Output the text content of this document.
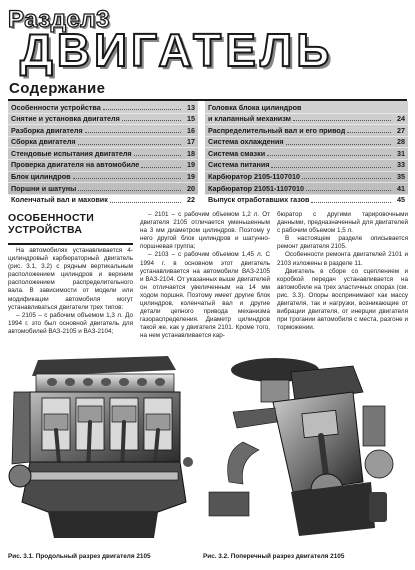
Раздел3
ДВИГАТЕЛЬ
Содержание
Особенности устройства	13
Снятие и установка двигателя	15
Разборка двигателя	16
Сборка двигателя	17
Стендовые испытания двигателя	18
Проверка двигателя на автомобиле	19
Блок цилиндров	19
Поршни и шатуны	20
Коленчатый вал и маховик	22
Головка блока цилиндров
и клапанный механизм	24
Распределительный вал и его привод	27
Система охлаждения	28
Система смазки	31
Система питания	33
Карбюратор 2105-1107010	35
Карбюратор 21051-1107010	41
Выпуск отработавших газов	45
ОСОБЕННОСТИ УСТРОЙСТВА

На автомобилях устанавливается 4-цилиндровый карбюраторный двигатель (рис. 3.1, 3.2) с рядным вертикальным расположением цилиндров и верхним расположением распределительного вала. В зависимости от модели или модификации автомобиля могут устанавливаться двигатели трех типов:

– 2105 – с рабочим объемом 1,3 л. До 1994 г. это был основной двигатель для автомобилей ВАЗ-2105 и ВАЗ-2104;

– 2101 – с рабочим объемом 1,2 л. От двигателя 2105 отличается уменьшенным на 3 мм диаметром цилиндров. Поэтому у него другой блок цилиндров и шатунно-поршневая группа;

– 2103 – с рабочим объемом 1,45 л. С 1994 г. в основном этот двигатель устанавливается на автомобили ВАЗ-2105 и ВАЗ-2104. От указанных выше двигателей он отличается увеличенным на 14 мм ходом поршня. Поэтому имеет другие блок цилиндров, коленчатый вал и другие детали цепного привода механизма газораспределения. Диаметр цилиндров такой же, как у двигателя 2101. Кроме того, на нем устанавливается кар-

бюратор с другими тарировочными данными, предназначенный для двигателей с рабочим объемом 1,5 л.

В настоящем разделе описывается ремонт двигателя 2105.

Особенности ремонта двигателей 2101 и 2103 изложены в разделе 11.

Двигатель в сборе со сцеплением и коробкой передач устанавливается на автомобиле на трех эластичных опорах (см. рис. 3.3). Опоры воспринимают как массу двигателя, так и нагрузки, возникающие от вибрации двигателя, от инерции двигателя при трогании автомобиля с места, разгоне и торможении.

Рис. 3.1. Продольный разрез двигателя 2105	Рис. 3.2. Поперечный разрез двигателя 2105
